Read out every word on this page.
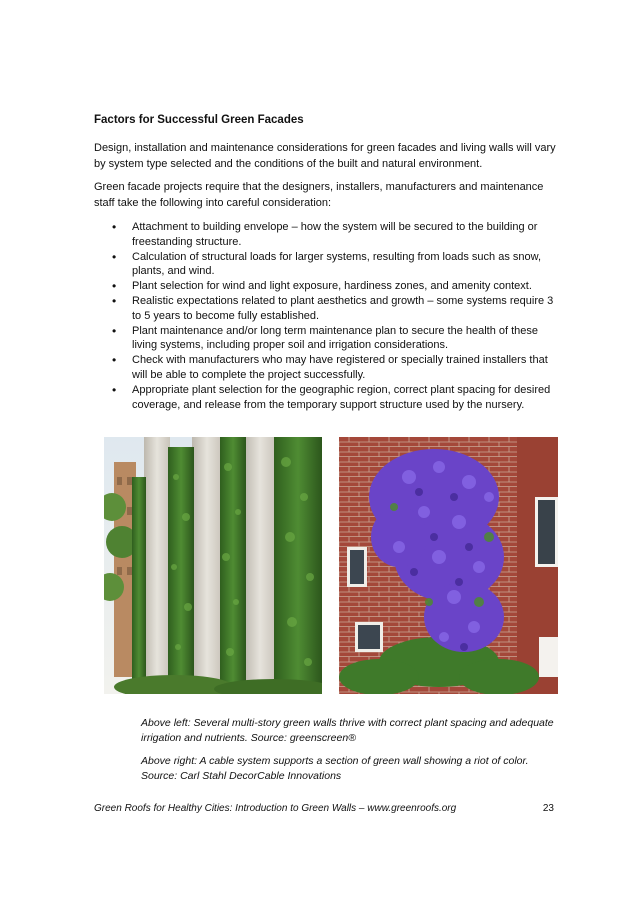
Factors for Successful Green Facades
Design, installation and maintenance considerations for green facades and living walls will vary by system type selected and the conditions of the built and natural environment.
Green facade projects require that the designers, installers, manufacturers and maintenance staff take the following into careful consideration:
• Attachment to building envelope – how the system will be secured to the building or freestanding structure.
• Calculation of structural loads for larger systems, resulting from loads such as snow, plants, and wind.
• Plant selection for wind and light exposure, hardiness zones, and amenity context.
• Realistic expectations related to plant aesthetics and growth – some systems require 3 to 5 years to become fully established.
• Plant maintenance and/or long term maintenance plan to secure the health of these living systems, including proper soil and irrigation considerations.
• Check with manufacturers who may have registered or specially trained installers that will be able to complete the project successfully.
• Appropriate plant selection for the geographic region, correct plant spacing for desired coverage, and release from the temporary support structure used by the nursery.
Above left: Several multi-story green walls thrive with correct plant spacing and adequate irrigation and nutrients. Source: greenscreen®
Above right: A cable system supports a section of green wall showing a riot of color. Source: Carl Stahl DecorCable Innovations
Green Roofs for Healthy Cities: Introduction to Green Walls – www.greenroofs.org	23
